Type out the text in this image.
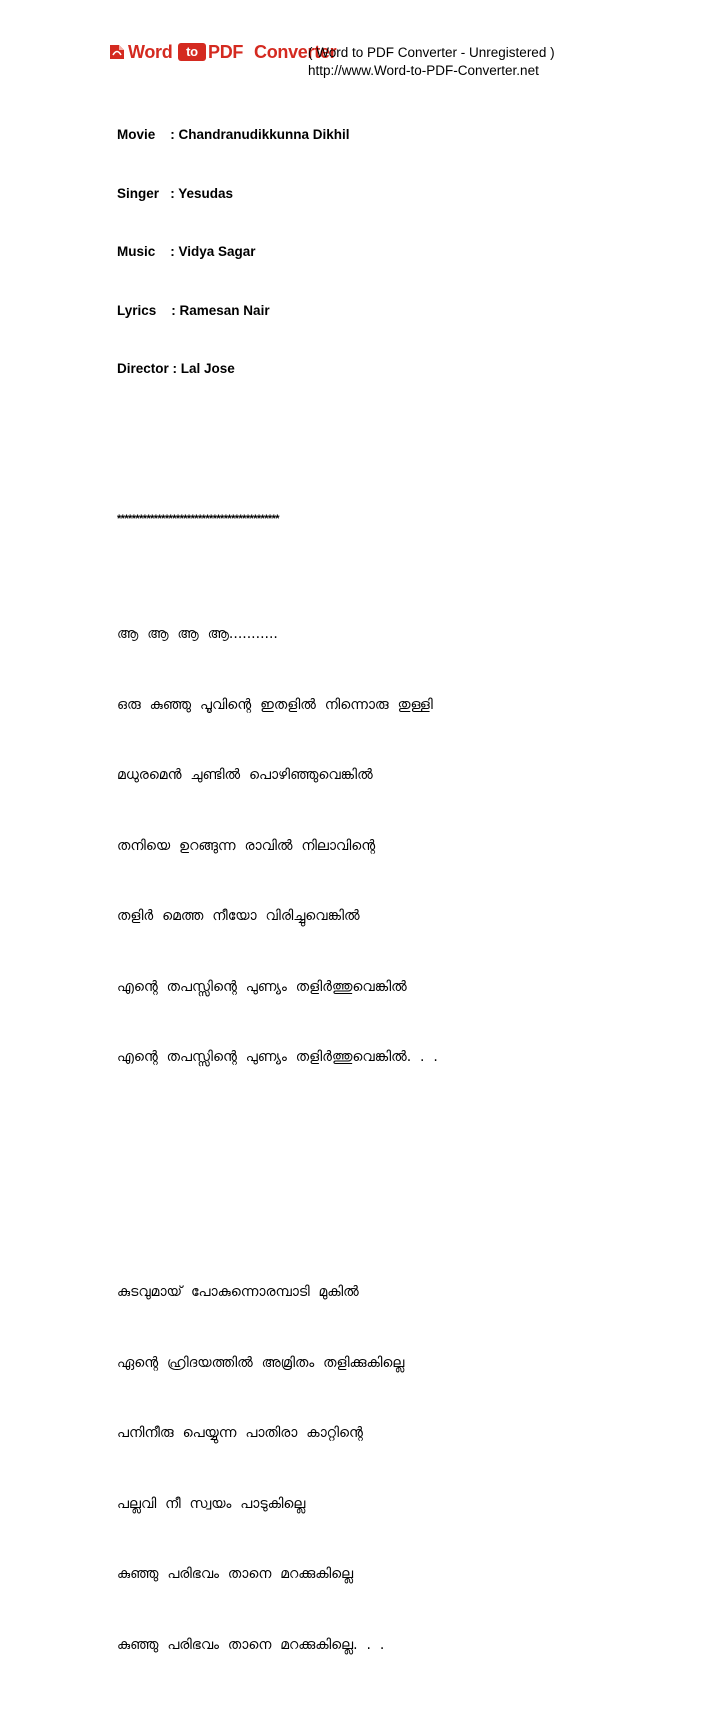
Word	to PDF Converter
( Word to PDF Converter - Unregistered )
http://www.Word-to-PDF-Converter.net

Movie    : Chandranudikkunna Dikhil

Singer   : Yesudas

Music    : Vidya Sagar

Lyrics    : Ramesan Nair

Director : Lal Jose

********************************************

ആ  ആ  ആ  ആ...........

ഒരു  കുഞ്ഞു  പൂവിന്റെ  ഇതളില്‍  നിന്നൊരു  തുള്ളി

മധുരമെന്‍  ചുണ്ടില്‍  പൊഴിഞ്ഞുവെങ്കില്‍

തനിയെ  ഉറങ്ങുന്ന  രാവില്‍  നിലാവിന്റെ

തളിര്‍  മെത്ത  നീയോ  വിരിച്ചുവെങ്കില്‍

എന്റെ  തപസ്സിന്റെ  പുണ്യം  തളിര്‍ത്തുവെങ്കില്‍

എന്റെ  തപസ്സിന്റെ  പുണ്യം  തളിര്‍ത്തുവെങ്കില്‍.  .  .

കുടവുമായ്  പോകുന്നൊരമ്പാടി  മുകില്‍

ഏന്റെ  ഹ്രിദയത്തില്‍  അമ്രിതം  തളിക്കുകില്ലെ

പനിനീരു  പെയ്യുന്ന  പാതിരാ  കാറ്റിന്റെ

പല്ലവി  നീ  സ്വയം  പാടുകില്ലെ

കുഞ്ഞു  പരിഭവം  താനെ  മറക്കുകില്ലെ

കുഞ്ഞു  പരിഭവം  താനെ  മറക്കുകില്ലെ.  .  .
